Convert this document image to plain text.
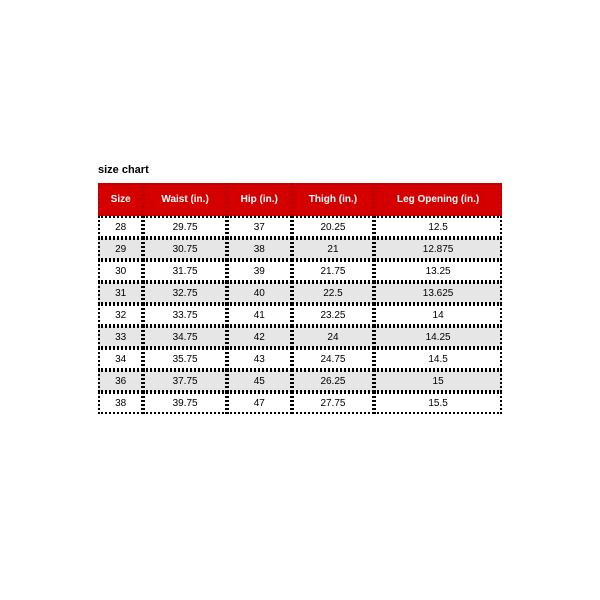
size chart
Size	Waist (in.)	Hip (in.)	Thigh (in.)	Leg Opening (in.)
28	29.75	37	20.25	12.5
29	30.75	38	21	12.875
30	31.75	39	21.75	13.25
31	32.75	40	22.5	13.625
32	33.75	41	23.25	14
33	34.75	42	24	14.25
34	35.75	43	24.75	14.5
36	37.75	45	26.25	15
38	39.75	47	27.75	15.5
